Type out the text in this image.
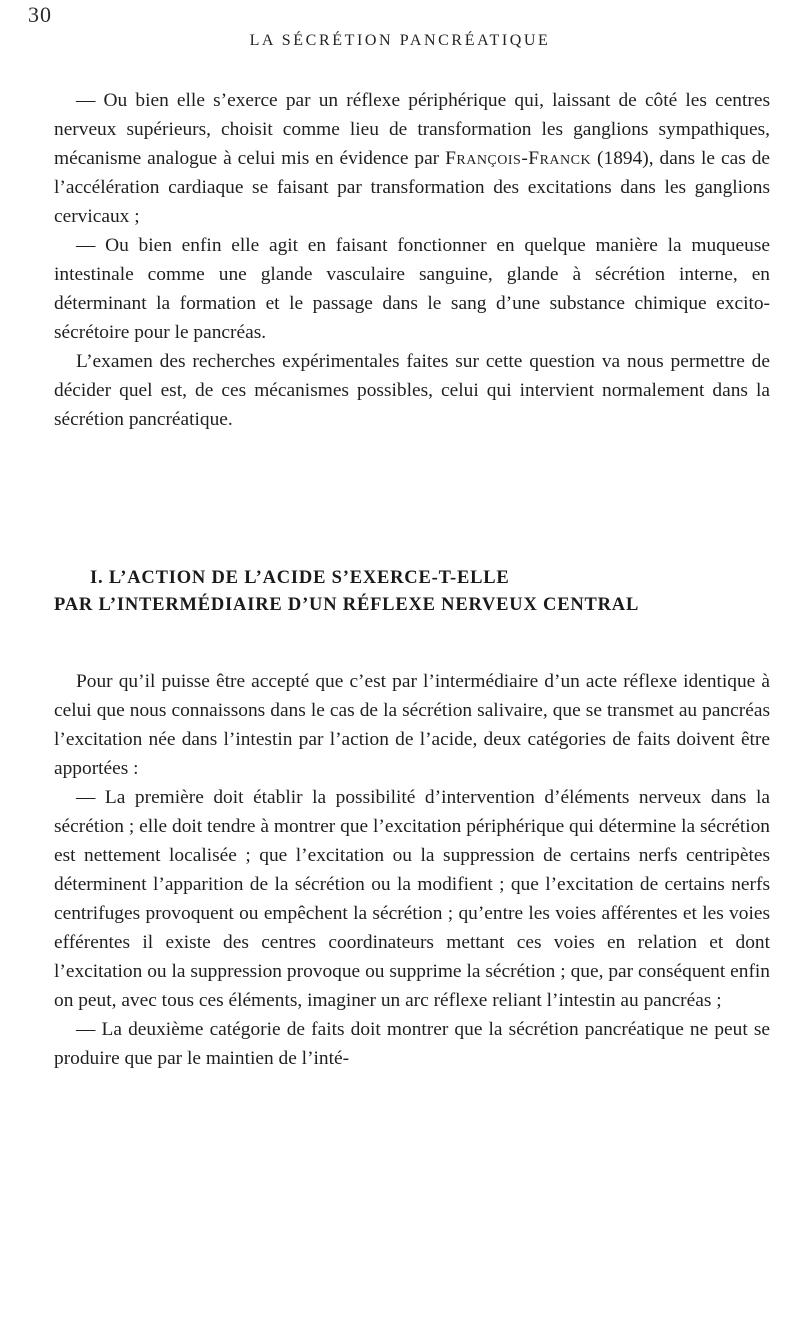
30
LA SÉCRÉTION PANCRÉATIQUE

— Ou bien elle s’exerce par un réflexe périphérique qui, laissant de côté les centres nerveux supérieurs, choisit comme lieu de transformation les ganglions sympathiques, mécanisme analogue à celui mis en évidence par François-Franck (1894), dans le cas de l’accélération cardiaque se faisant par transformation des excitations dans les ganglions cervicaux ;

— Ou bien enfin elle agit en faisant fonctionner en quelque manière la muqueuse intestinale comme une glande vasculaire sanguine, glande à sécrétion interne, en déterminant la formation et le passage dans le sang d’une substance chimique excito-sécrétoire pour le pancréas.

L’examen des recherches expérimentales faites sur cette question va nous permettre de décider quel est, de ces mécanismes possibles, celui qui intervient normalement dans la sécrétion pancréatique.

I. L’ACTION DE L’ACIDE S’EXERCE-T-ELLE
PAR L’INTERMÉDIAIRE D’UN RÉFLEXE NERVEUX CENTRAL

Pour qu’il puisse être accepté que c’est par l’intermédiaire d’un acte réflexe identique à celui que nous connaissons dans le cas de la sécrétion salivaire, que se transmet au pancréas l’excitation née dans l’intestin par l’action de l’acide, deux catégories de faits doivent être apportées :

— La première doit établir la possibilité d’intervention d’éléments nerveux dans la sécrétion ; elle doit tendre à montrer que l’excitation périphérique qui détermine la sécrétion est nettement localisée ; que l’excitation ou la suppression de certains nerfs centripètes déterminent l’apparition de la sécrétion ou la modifient ; que l’excitation de certains nerfs centrifuges provoquent ou empêchent la sécrétion ; qu’entre les voies afférentes et les voies efférentes il existe des centres coordinateurs mettant ces voies en relation et dont l’excitation ou la suppression provoque ou supprime la sécrétion ; que, par conséquent enfin on peut, avec tous ces éléments, imaginer un arc réflexe reliant l’intestin au pancréas ;

— La deuxième catégorie de faits doit montrer que la sécrétion pancréatique ne peut se produire que par le maintien de l’inté-
